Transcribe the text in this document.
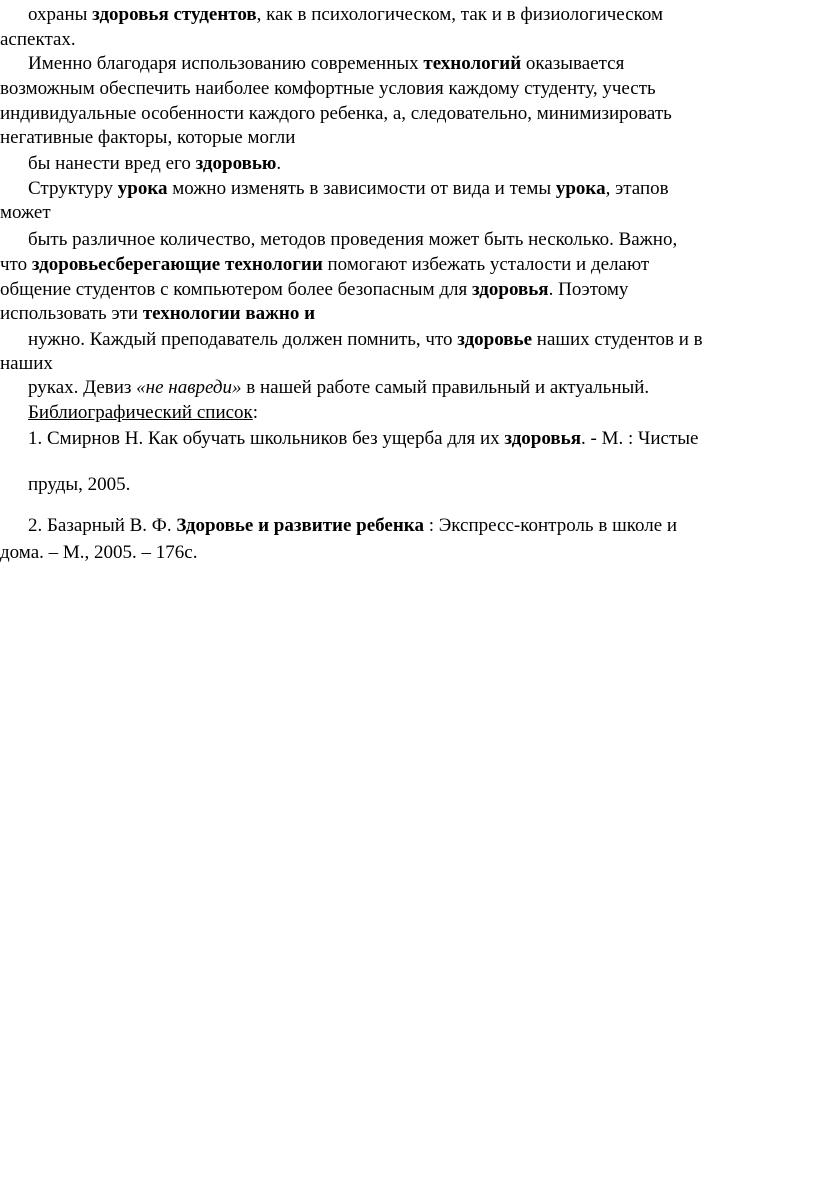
охраны здоровья студентов, как в психологическом, так и в физиологическом
аспектах.
Именно благодаря использованию современных технологий оказывается
возможным обеспечить наиболее комфортные условия каждому студенту, учесть
индивидуальные особенности каждого ребенка, а, следовательно, минимизировать
негативные факторы, которые могли
бы нанести вред его здоровью.
Структуру урока можно изменять в зависимости от вида и темы урока, этапов
может
быть различное количество, методов проведения может быть несколько. Важно,
что здоровьесберегающие технологии помогают избежать усталости и делают
общение студентов с компьютером более безопасным для здоровья. Поэтому
использовать эти технологии важно и
нужно. Каждый преподаватель должен помнить, что здоровье наших студентов и в
наших
руках. Девиз «не навреди» в нашей работе самый правильный и актуальный.
Библиографический список:
1. Смирнов Н. Как обучать школьников без ущерба для их здоровья. - М. : Чистые
пруды, 2005.
2. Базарный В. Ф. Здоровье и развитие ребенка : Экспресс-контроль в школе и
дома. – М., 2005. – 176с.
